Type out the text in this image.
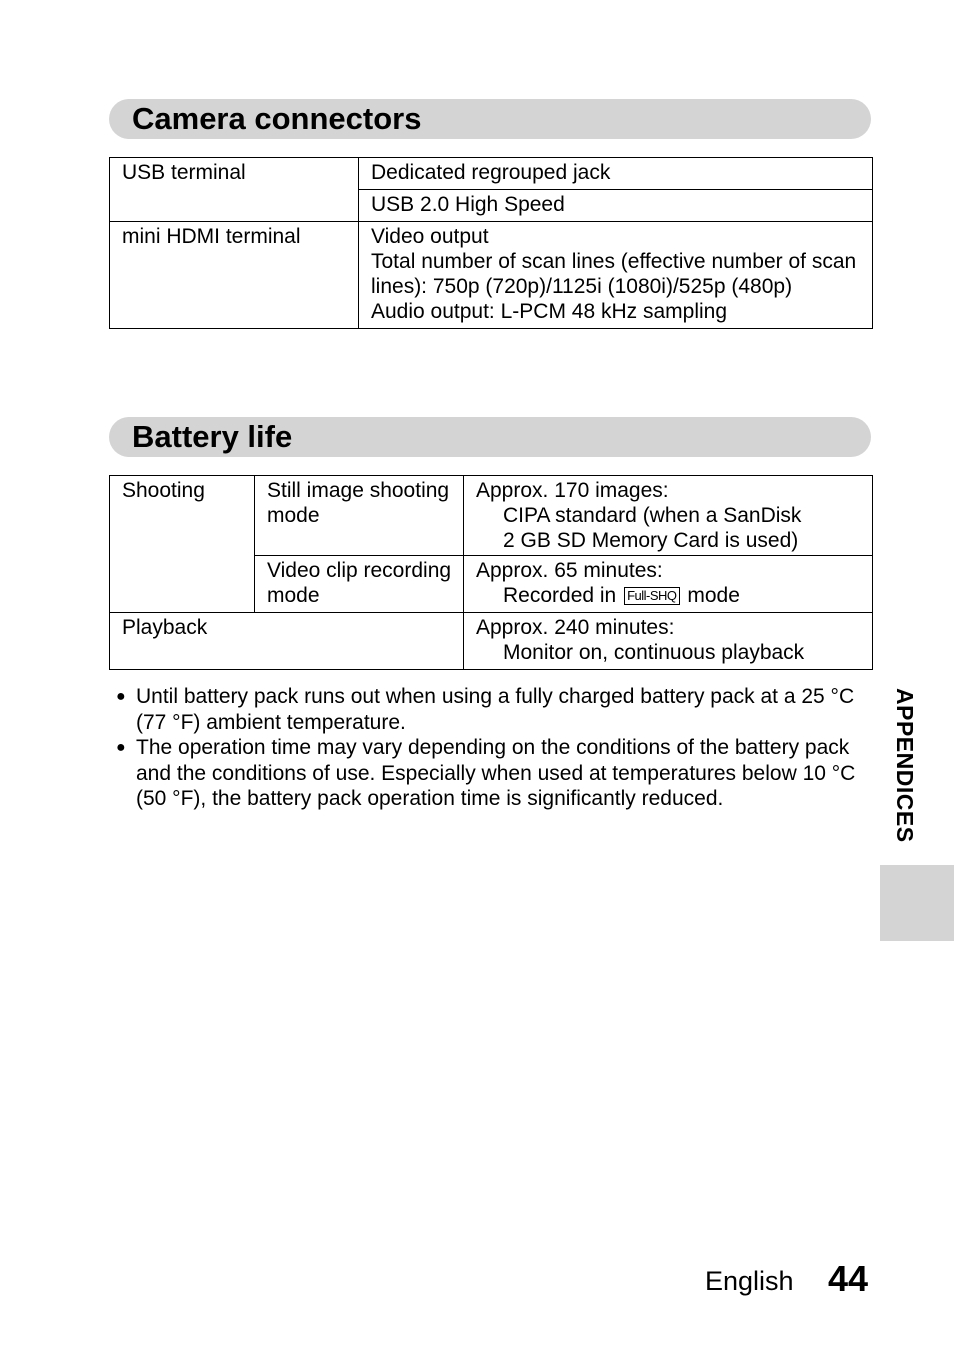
Camera connectors
USB terminal	Dedicated regrouped jack
	USB 2.0 High Speed
mini HDMI terminal	Video output
Total number of scan lines (effective number of scan lines): 750p (720p)/1125i (1080i)/525p (480p)
Audio output: L-PCM 48 kHz sampling
Battery life
Shooting	Still image shooting mode	Approx. 170 images:
CIPA standard (when a SanDisk
2 GB SD Memory Card is used)

	Video clip recording mode	Approx. 65 minutes:
Recorded in Full-SHQ mode

Playback		Approx. 240 minutes:
Monitor on, continuous playback

● Until battery pack runs out when using a fully charged battery pack at a 25 °C (77 °F) ambient temperature.

● The operation time may vary depending on the conditions of the battery pack and the conditions of use. Especially when used at temperatures below 10 °C (50 °F), the battery pack operation time is significantly reduced.	APPENDICES
English 44
